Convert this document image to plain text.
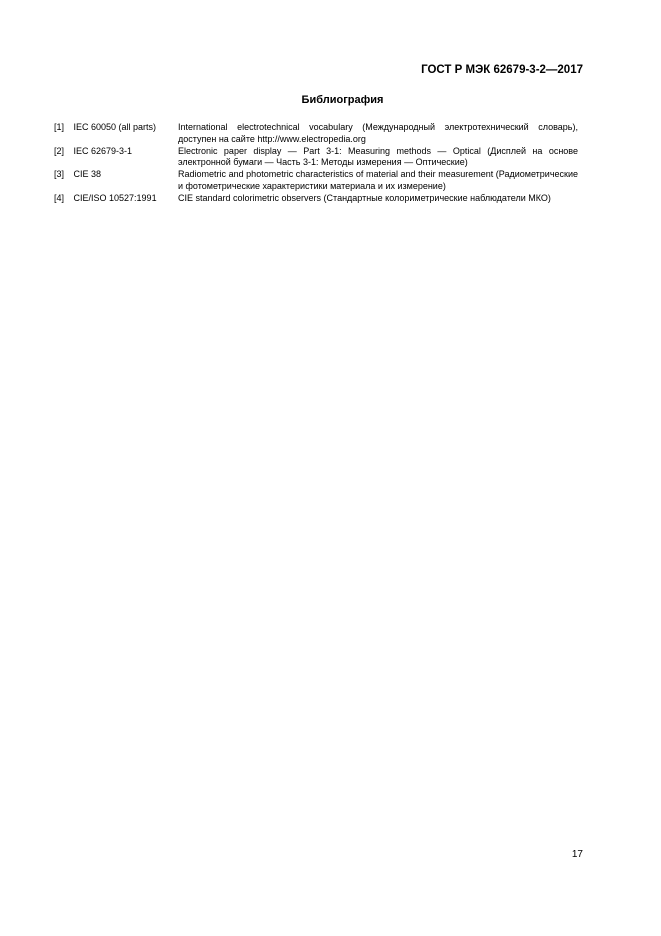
ГОСТ Р МЭК 62679-3-2—2017
Библиография
[1] IEC 60050 (all parts)	International electrotechnical vocabulary (Международный электротехнический словарь), доступен на сайте http://www.electropedia.org
[2] IEC 62679-3-1	Electronic paper display — Part 3-1: Measuring methods — Optical (Дисплей на основе электронной бумаги — Часть 3-1: Методы измерения — Оптические)
[3] CIE 38	Radiometric and photometric characteristics of material and their measurement (Радиометрические и фотометрические характеристики материала и их измерение)
[4] CIE/ISO 10527:1991	CIE standard colorimetric observers (Стандартные колориметрические наблюдатели МКО)
17
